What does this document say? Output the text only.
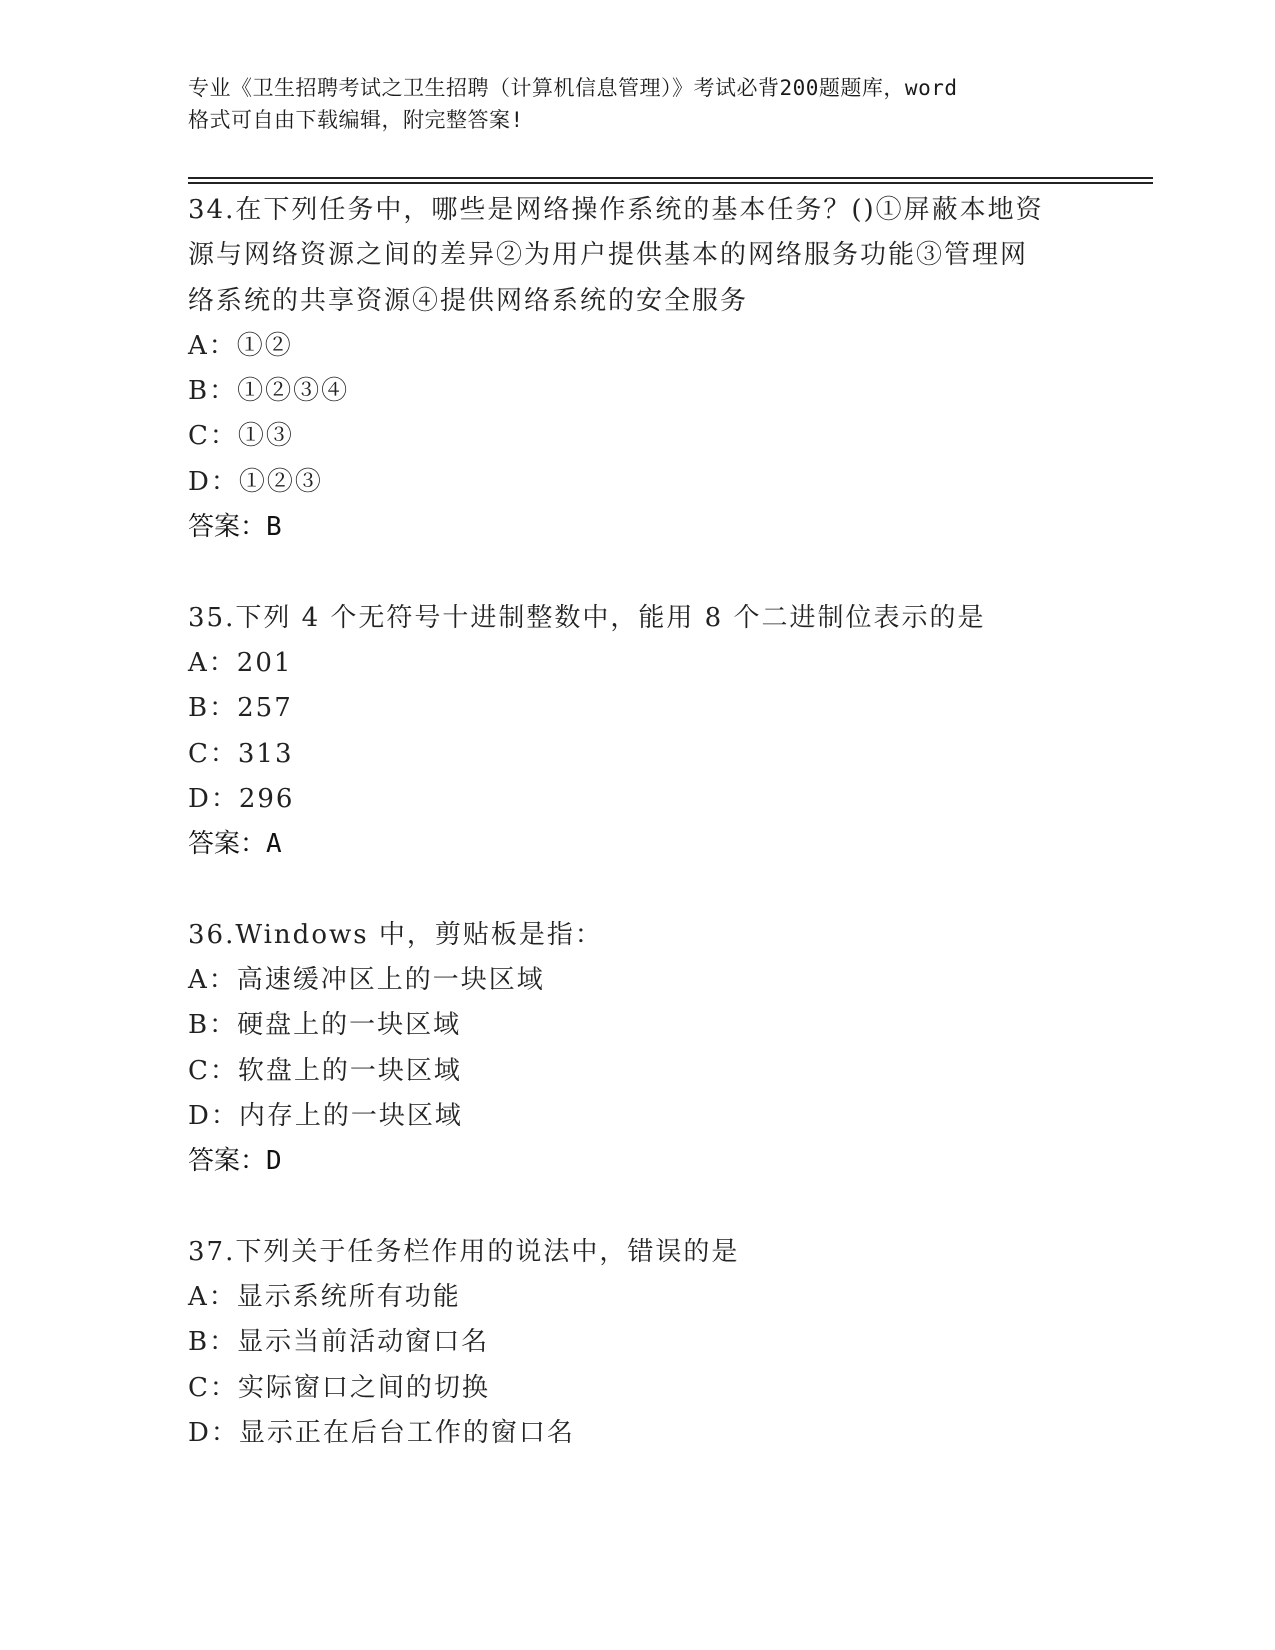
专业《卫生招聘考试之卫生招聘（计算机信息管理）》考试必背200题题库，word
格式可自由下载编辑，附完整答案!
34.在下列任务中，哪些是网络操作系统的基本任务？()①屏蔽本地资
源与网络资源之间的差异②为用户提供基本的网络服务功能③管理网
络系统的共享资源④提供网络系统的安全服务
A：①②
B：①②③④
C：①③
D：①②③
答案：B
35.下列 4 个无符号十进制整数中，能用 8 个二进制位表示的是
A：201
B：257
C：313
D：296
答案：A
36.Windows 中，剪贴板是指：
A：高速缓冲区上的一块区域
B：硬盘上的一块区域
C：软盘上的一块区域
D：内存上的一块区域
答案：D
37.下列关于任务栏作用的说法中，错误的是
A：显示系统所有功能
B：显示当前活动窗口名
C：实际窗口之间的切换
D：显示正在后台工作的窗口名
